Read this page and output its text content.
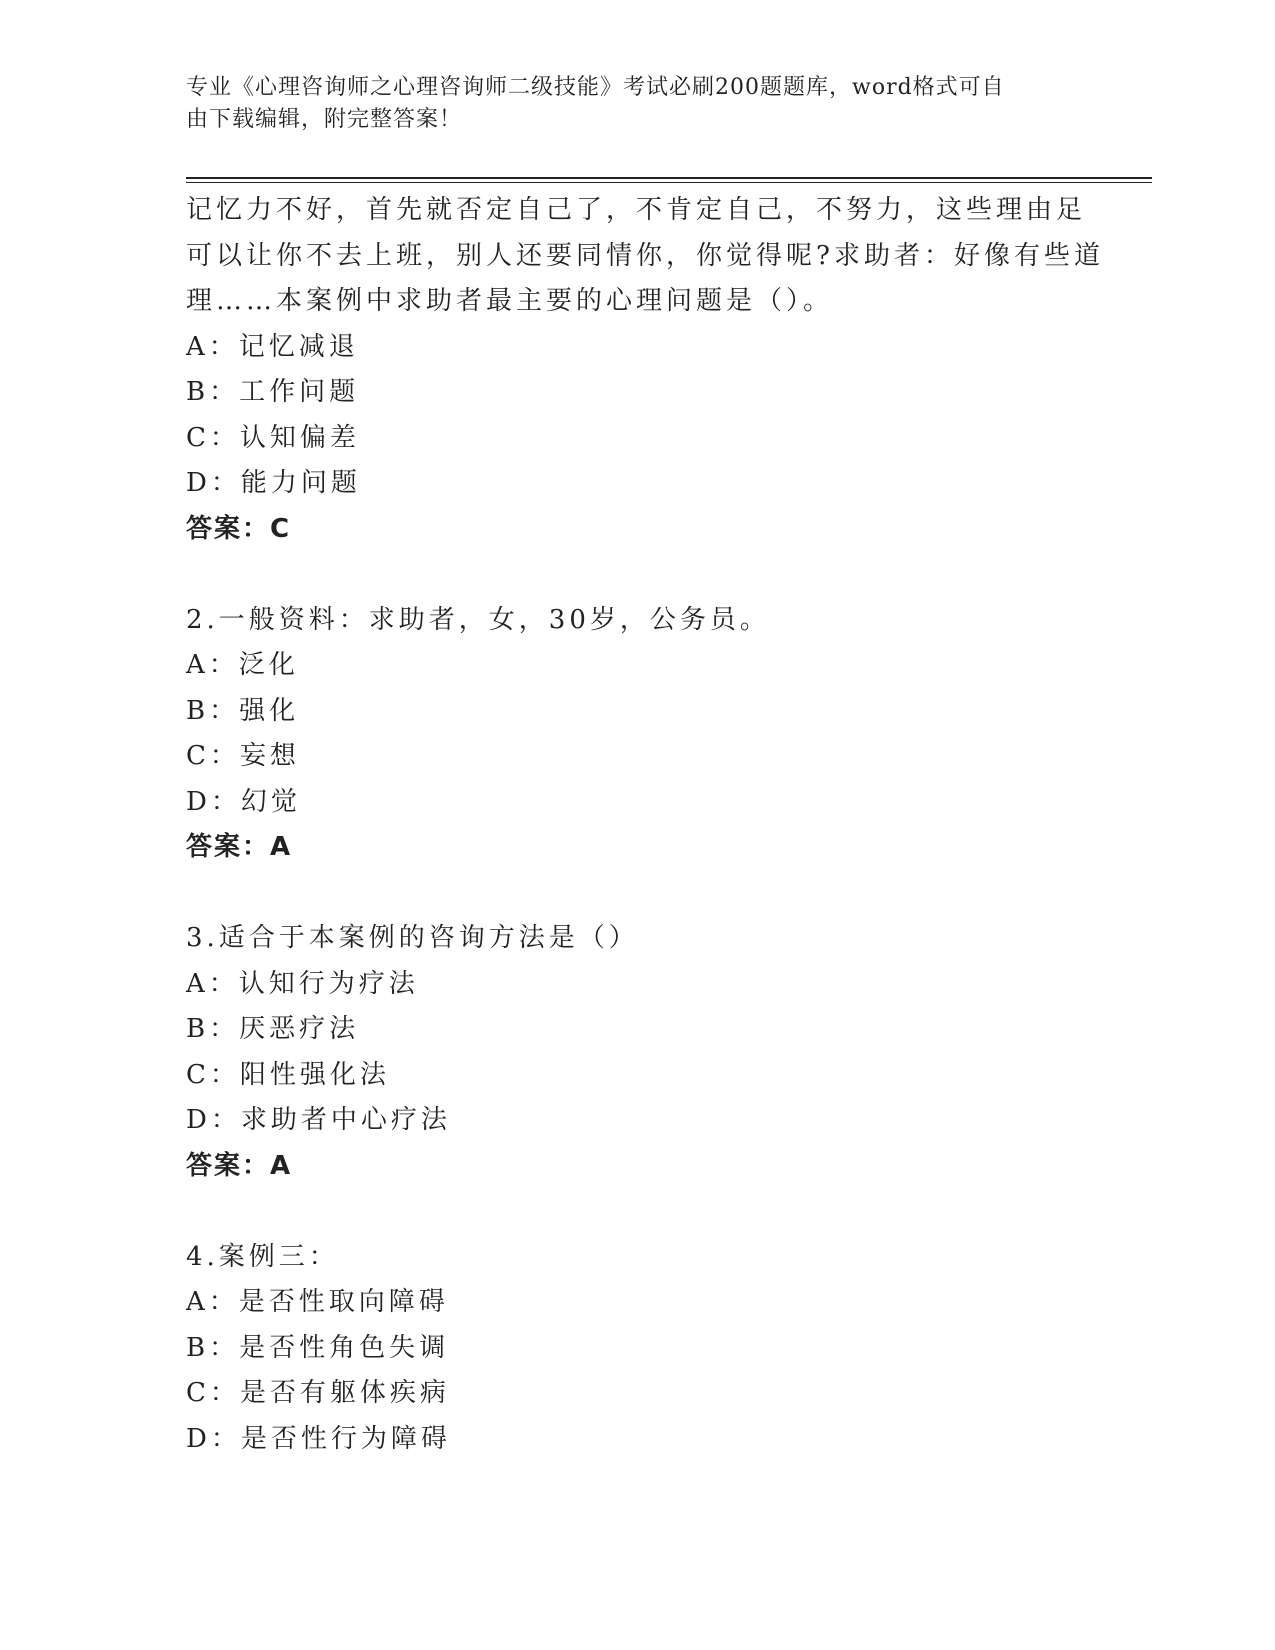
专业《心理咨询师之心理咨询师二级技能》考试必刷200题题库，word格式可自
由下载编辑，附完整答案！
记忆力不好，首先就否定自己了，不肯定自己，不努力，这些理由足
可以让你不去上班，别人还要同情你，你觉得呢?求助者：好像有些道
理……本案例中求助者最主要的心理问题是（）。
A：记忆减退
B：工作问题
C：认知偏差
D：能力问题
答案：C
2.一般资料：求助者，女，30岁，公务员。
A：泛化
B：强化
C：妄想
D：幻觉
答案：A
3.适合于本案例的咨询方法是（）
A：认知行为疗法
B：厌恶疗法
C：阳性强化法
D：求助者中心疗法
答案：A
4.案例三：
A：是否性取向障碍
B：是否性角色失调
C：是否有躯体疾病
D：是否性行为障碍
